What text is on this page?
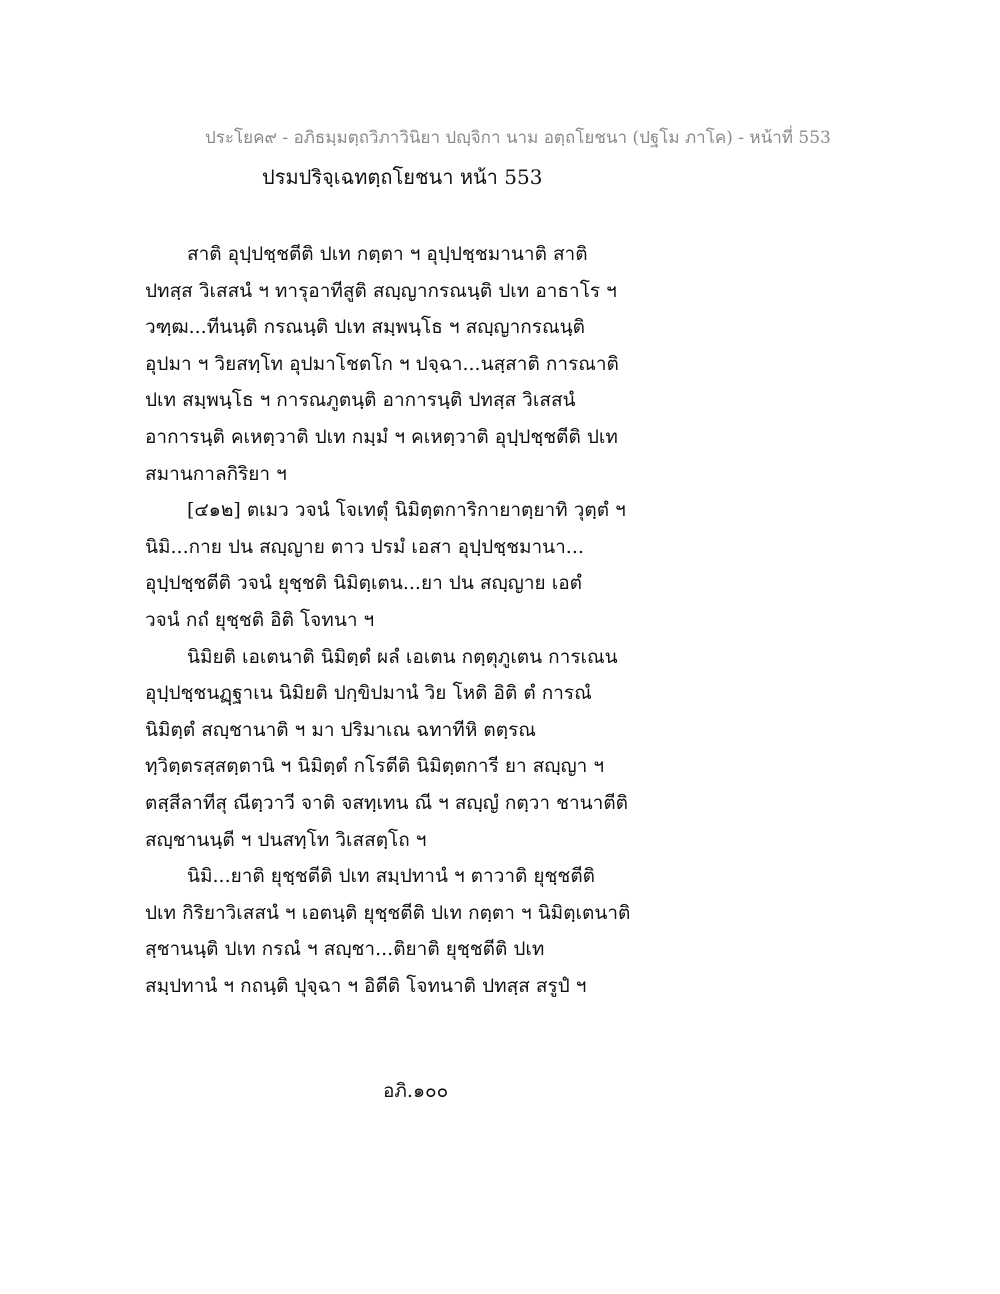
ประโยค๙ - อภิธมฺมตฺถวิภาวินิยา ปญฺจิกา นาม อตฺถโยชนา (ปฐโม ภาโค) - หน้าที่ 553
ปรมปริจฺเฉทตฺถโยชนา หน้า 553
สาติ อุปฺปชฺชตีติ ปเท กตฺตา ฯ อุปฺปชฺชมานาติ สาติ
ปทสฺส วิเสสนํ ฯ ทารุอาทีสูติ สญฺญากรณนฺติ ปเท อาธาโร ฯ
วฑฺฒ...ทีนนฺติ กรณนฺติ ปเท สมฺพนฺโธ ฯ สญฺญากรณนฺติ
อุปมา ฯ วิยสทฺโท อุปมาโชตโก ฯ ปจฺฉา...นสฺสาติ การณาติ
ปเท สมฺพนฺโธ ฯ การณภูตนฺติ อาการนฺติ ปทสฺส วิเสสนํ
อาการนฺติ คเหตฺวาติ ปเท กมฺมํ ฯ คเหตฺวาติ อุปฺปชฺชตีติ ปเท
สมานกาลกิริยา ฯ
[๔๑๒] ตเมว วจนํ โจเทตุํ นิมิตฺตการิกายาตฺยาทิ วุตฺตํ ฯ
นิมิ...กาย ปน สญฺญาย ตาว ปรมํ เอสา อุปฺปชฺชมานา...
อุปฺปชฺชตีติ วจนํ ยุชฺชติ นิมิตฺเตน...ยา ปน สญฺญาย เอตํ
วจนํ กถํ ยุชฺชติ อิติ โจทนา ฯ
นิมิยติ เอเตนาติ นิมิตฺตํ ผลํ เอเตน กตฺตุภูเตน การเณน
อุปฺปชฺชนฏฺฐาเน นิมิยติ ปกฺขิปมานํ วิย โหติ อิติ ตํ การณํ
นิมิตฺตํ สญฺชานาติ ฯ มา ปริมาเณ ฉทาทีหิ ตตฺรณ
ทฺวิตฺตรสฺสตฺตานิ ฯ นิมิตฺตํ กโรตีติ นิมิตฺตการี ยา สญฺญา ฯ
ตสฺสีลาทีสุ ณีตฺวาวี จาติ จสทฺเทน ณี ฯ สญฺญํ กตฺวา ชานาตีติ
สญฺชานนฺตี ฯ ปนสทฺโท วิเสสตฺโถ ฯ
นิมิ...ยาติ ยุชฺชตีติ ปเท สมฺปทานํ ฯ ตาวาติ ยุชฺชตีติ
ปเท กิริยาวิเสสนํ ฯ เอตนฺติ ยุชฺชตีติ ปเท กตฺตา ฯ นิมิตฺเตนาติ
สฺชานนฺติ ปเท กรณํ ฯ สญฺชา...ติยาติ ยุชฺชตีติ ปเท
สมฺปทานํ ฯ กถนฺติ ปุจฺฉา ฯ อิตีติ โจทนาติ ปทสฺส สรูปํ ฯ
อภิ.๑๐๐
